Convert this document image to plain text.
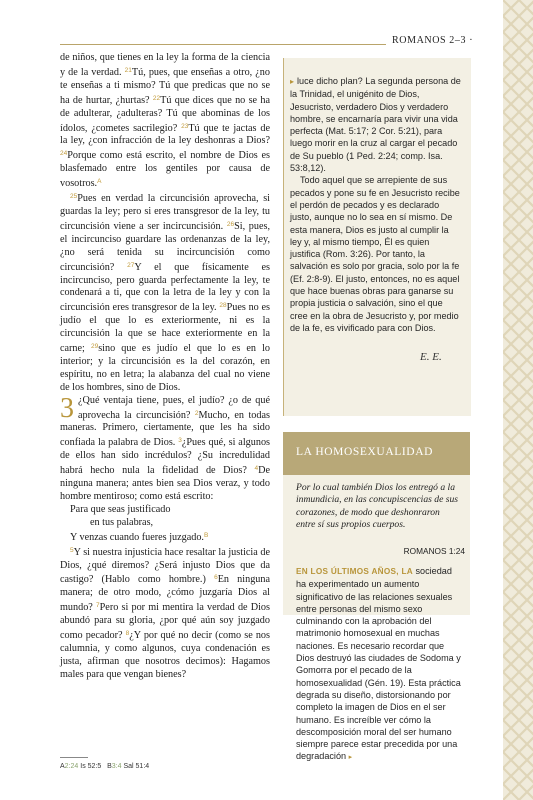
ROMANOS 2–3 ·

de niños, que tienes en la ley la forma de la ciencia y de la verdad. $^{21}$Tú, pues, que enseñas a otro, ¿no te enseñas a ti mismo? Tú que predicas que no se ha de hurtar, ¿hurtas? $^{22}$Tú que dices que no se ha de adulterar, ¿adulteras? Tú que abominas de los ídolos, ¿cometes sacrilegio? $^{23}$Tú que te jactas de la ley, ¿con infracción de la ley deshonras a Dios? $^{24}$Porque como está escrito, el nombre de Dios es blasfemado entre los gentiles por causa de vosotros.$^A$

$^{25}$Pues en verdad la circuncisión aprovecha, si guardas la ley; pero si eres transgresor de la ley, tu circuncisión viene a ser incircuncisión. $^{26}$Si, pues, el incircunciso guardare las ordenanzas de la ley, ¿no será tenida su incircuncisión como circuncisión? $^{27}$Y el que físicamente es incircunciso, pero guarda perfectamente la ley, te condenará a ti, que con la letra de la ley y con la circuncisión eres transgresor de la ley. $^{28}$Pues no es judío el que lo es exteriormente, ni es la circuncisión la que se hace exteriormente en la carne; $^{29}$sino que es judío el que lo es en lo interior; y la circuncisión es la del corazón, en espíritu, no en letra; la alabanza del cual no viene de los hombres, sino de Dios.

3 ¿Qué ventaja tiene, pues, el judío? ¿o de qué aprovecha la circuncisión? $^2$Mucho, en todas maneras. Primero, ciertamente, que les ha sido confiada la palabra de Dios. $^3$¿Pues qué, si algunos de ellos han sido incrédulos? ¿Su incredulidad habrá hecho nula la fidelidad de Dios? $^4$De ninguna manera; antes bien sea Dios veraz, y todo hombre mentiroso; como está escrito:

Para que seas justificado
en tus palabras,
Y venzas cuando fueres juzgado.$^B$

$^5$Y si nuestra injusticia hace resaltar la justicia de Dios, ¿qué diremos? ¿Será injusto Dios que da castigo? (Hablo como hombre.) $^6$En ninguna manera; de otro modo, ¿cómo juzgaría Dios al mundo? $^7$Pero si por mi mentira la verdad de Dios abundó para su gloria, ¿por qué aún soy juzgado como pecador? $^8$¿Y por qué no decir (como se nos calumnia, y como algunos, cuya condenación es justa, afirman que nosotros decimos): Hagamos males para que vengan bienes?

A2:24 Is 52:5 B3:4 Sal 51:4

▸ luce dicho plan? La segunda persona de la Trinidad, el unigénito de Dios, Jesucristo, verdadero Dios y verdadero hombre, se encarnaría para vivir una vida perfecta (Mat. 5:17; 2 Cor. 5:21), para luego morir en la cruz al cargar el pecado de Su pueblo (1 Ped. 2:24; comp. Isa. 53:8,12).

Todo aquel que se arrepiente de sus pecados y pone su fe en Jesucristo recibe el perdón de pecados y es declarado justo, aunque no lo sea en sí mismo. De esta manera, Dios es justo al cumplir la ley y, al mismo tiempo, Él es quien justifica (Rom. 3:26). Por tanto, la salvación es solo por gracia, solo por la fe (Ef. 2:8-9). El justo, entonces, no es aquel que hace buenas obras para ganarse su propia justicia o salvación, sino el que cree en la obra de Jesucristo y, por medio de la fe, es vivificado para con Dios.

E. E.
LA HOMOSEXUALIDAD
Por lo cual también Dios los entregó a la inmundicia, en las concupiscencias de sus corazones, de modo que deshonraron entre sí sus propios cuerpos.
ROMANOS 1:24
EN LOS ÚLTIMOS AÑOS, LA sociedad ha experimentado un aumento significativo de las relaciones sexuales entre personas del mismo sexo culminando con la aprobación del matrimonio homosexual en muchas naciones. Es necesario recordar que Dios destruyó las ciudades de Sodoma y Gomorra por el pecado de la homosexualidad (Gén. 19). Esta práctica degrada su diseño, distorsionando por completo la imagen de Dios en el ser humano. Es increíble ver cómo la descomposición moral del ser humano siempre parece estar precedida por una degradación ▸
